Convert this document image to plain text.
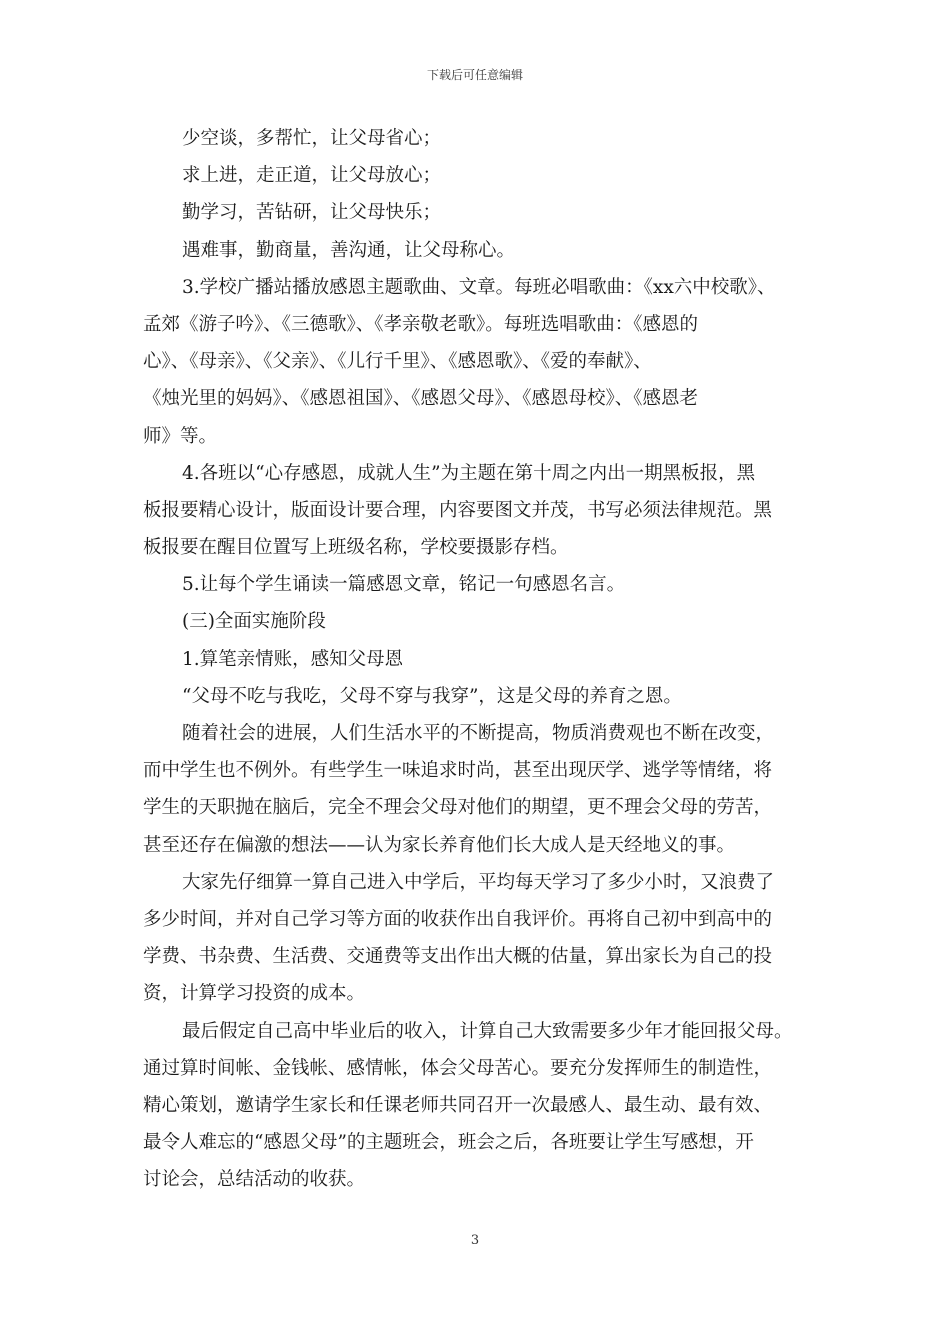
下载后可任意编辑
少空谈，多帮忙，让父母省心；
求上进，走正道，让父母放心；
勤学习，苦钻研，让父母快乐；
遇难事，勤商量，善沟通，让父母称心。
3.学校广播站播放感恩主题歌曲、文章。每班必唱歌曲：《xx六中校歌》、
孟郊《游子吟》、《三德歌》、《孝亲敬老歌》。每班选唱歌曲：《感恩的
心》、《母亲》、《父亲》、《儿行千里》、《感恩歌》、《爱的奉献》、
《烛光里的妈妈》、《感恩祖国》、《感恩父母》、《感恩母校》、《感恩老
师》等。
4.各班以“心存感恩，成就人生”为主题在第十周之内出一期黑板报，黑
板报要精心设计，版面设计要合理，内容要图文并茂，书写必须法律规范。黑
板报要在醒目位置写上班级名称，学校要摄影存档。
5.让每个学生诵读一篇感恩文章，铭记一句感恩名言。
(三)全面实施阶段
1.算笔亲情账，感知父母恩
“父母不吃与我吃，父母不穿与我穿”，这是父母的养育之恩。
随着社会的进展，人们生活水平的不断提高，物质消费观也不断在改变，
而中学生也不例外。有些学生一味追求时尚，甚至出现厌学、逃学等情绪，将
学生的天职抛在脑后，完全不理会父母对他们的期望，更不理会父母的劳苦，
甚至还存在偏激的想法——认为家长养育他们长大成人是天经地义的事。
大家先仔细算一算自己进入中学后，平均每天学习了多少小时，又浪费了
多少时间，并对自己学习等方面的收获作出自我评价。再将自己初中到高中的
学费、书杂费、生活费、交通费等支出作出大概的估量，算出家长为自己的投
资，计算学习投资的成本。
最后假定自己高中毕业后的收入，计算自己大致需要多少年才能回报父母。
通过算时间帐、金钱帐、感情帐，体会父母苦心。要充分发挥师生的制造性，
精心策划，邀请学生家长和任课老师共同召开一次最感人、最生动、最有效、
最令人难忘的“感恩父母”的主题班会，班会之后，各班要让学生写感想，开
讨论会，总结活动的收获。
3
